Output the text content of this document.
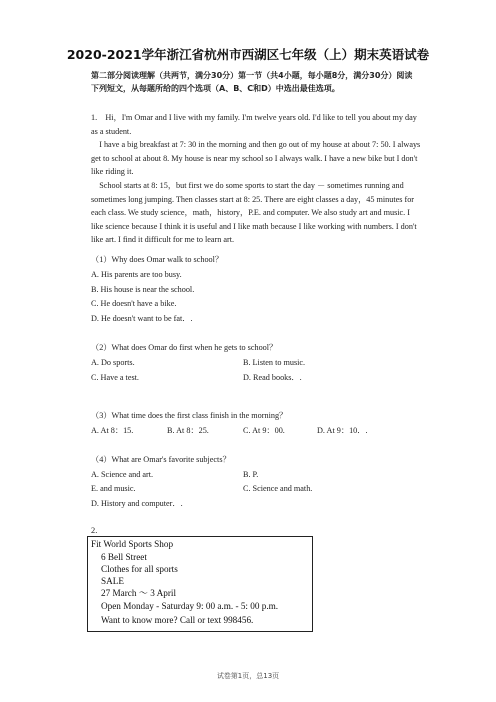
2020-2021学年浙江省杭州市西湖区七年级（上）期末英语试卷
第二部分阅读理解（共两节，满分30分）第一节（共4小题，每小题8分，满分30分）阅读下列短文，从每题所给的四个选项（A、B、C和D）中选出最佳选项。
1.　Hi，I'm Omar and I live with my family. I'm twelve years old. I'd like to tell you about my day as a student.
　I have a big breakfast at 7: 30 in the morning and then go out of my house at about 7: 50. I always get to school at about 8. My house is near my school so I always walk. I have a new bike but I don't like riding it.
　School starts at 8: 15，but first we do some sports to start the day － sometimes running and sometimes long jumping. Then classes start at 8: 25. There are eight classes a day，45 minutes for each class. We study science，math，history，P.E. and computer. We also study art and music. I like science because I think it is useful and I like math because I like working with numbers. I don't like art. I find it difficult for me to learn art.
（1）Why does Omar walk to school？
A. His parents are too busy.
B. His house is near the school.
C. He doesn't have a bike.
D. He doesn't want to be fat．.
（2）What does Omar do first when he gets to school？
A. Do sports.	B. Listen to music.
C. Have a test.	D. Read books．.
（3）What time does the first class finish in the morning？
A. At 8：15.	B. At 8：25.	C. At 9：00.	D. At 9：10．.
（4）What are Omar's favorite subjects？
A. Science and art.	B. P.
E. and music.	C. Science and math.
D. History and computer．.
2.
Fit World Sports Shop
6 Bell Street
Clothes for all sports
SALE
27 March ～ 3 April
Open Monday - Saturday 9: 00 a.m. - 5: 00 p.m.
Want to know more? Call or text 998456.
试卷第1页，总13页
